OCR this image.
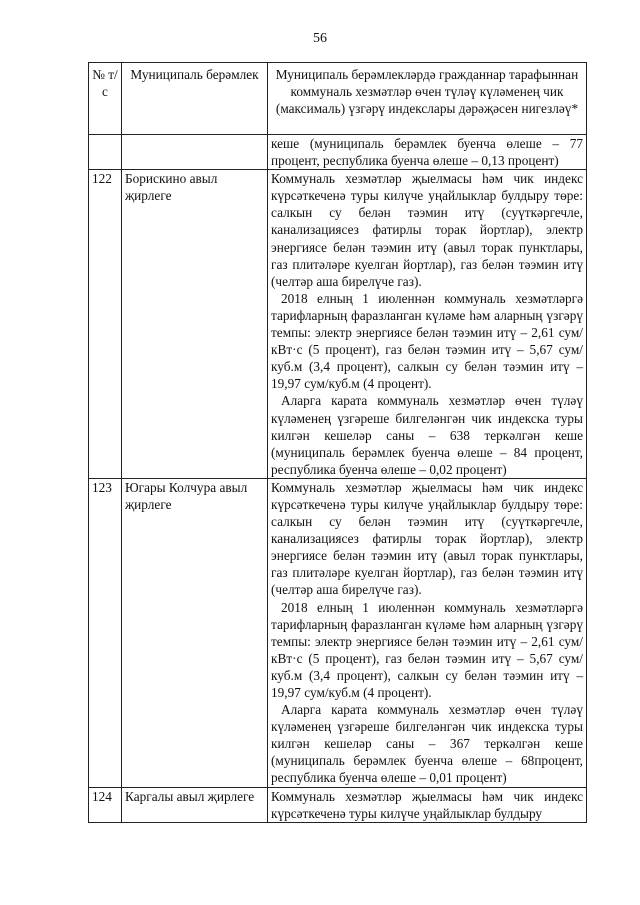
56
№ т/с	Муниципаль берәмлек	Муниципаль берәмлекләрдә гражданнар тарафыннан коммуналь хезмәтләр өчен түләү күләменең чик (максималь) үзгәрү индекслары дәрәҗәсен нигезләү*

		кеше (муниципаль берәмлек буенча өлеше – 77 процент, республика буенча өлеше – 0,13 процент)

122	Борискино авыл җирлеге	Коммуналь хезмәтләр җыелмасы һәм чик индекс күрсәткеченә туры килүче уңайлыклар булдыру төре: салкын су белән тәэмин итү (суүткәргечле, канализациясез фатирлы торак йортлар), электр энергиясе белән тәэмин итү (авыл торак пунктлары, газ плитәләре куелган йортлар), газ белән тәэмин итү (челтәр аша бирелүче газ).
2018 елның 1 июленнән коммуналь хезмәтләргә тарифларның фаразланган күләме һәм аларның үзгәрү темпы: электр энергиясе белән тәэмин итү – 2,61 сум/кВт·с (5 процент), газ белән тәэмин итү – 5,67 сум/куб.м (3,4 процент), салкын су белән тәэмин итү – 19,97 сум/куб.м (4 процент).
Аларга карата коммуналь хезмәтләр өчен түләү күләменең үзгәреше билгеләнгән чик индекска туры килгән кешеләр саны – 638 теркәлгән кеше (муниципаль берәмлек буенча өлеше – 84 процент, республика буенча өлеше – 0,02 процент)

123	Югары Колчура авыл җирлеге	Коммуналь хезмәтләр җыелмасы һәм чик индекс күрсәткеченә туры килүче уңайлыклар булдыру төре: салкын су белән тәэмин итү (суүткәргечле, канализациясез фатирлы торак йортлар), электр энергиясе белән тәэмин итү (авыл торак пунктлары, газ плитәләре куелган йортлар), газ белән тәэмин итү (челтәр аша бирелүче газ).
2018 елның 1 июленнән коммуналь хезмәтләргә тарифларның фаразланган күләме һәм аларның үзгәрү темпы: электр энергиясе белән тәэмин итү – 2,61 сум/кВт·с (5 процент), газ белән тәэмин итү – 5,67 сум/куб.м (3,4 процент), салкын су белән тәэмин итү – 19,97 сум/куб.м (4 процент).
Аларга карата коммуналь хезмәтләр өчен түләү күләменең үзгәреше билгеләнгән чик индекска туры килгән кешеләр саны – 367 теркәлгән кеше (муниципаль берәмлек буенча өлеше – 68процент, республика буенча өлеше – 0,01 процент)

124	Каргалы авыл җирлеге	Коммуналь хезмәтләр җыелмасы һәм чик индекс күрсәткеченә туры килүче уңайлыклар булдыру
